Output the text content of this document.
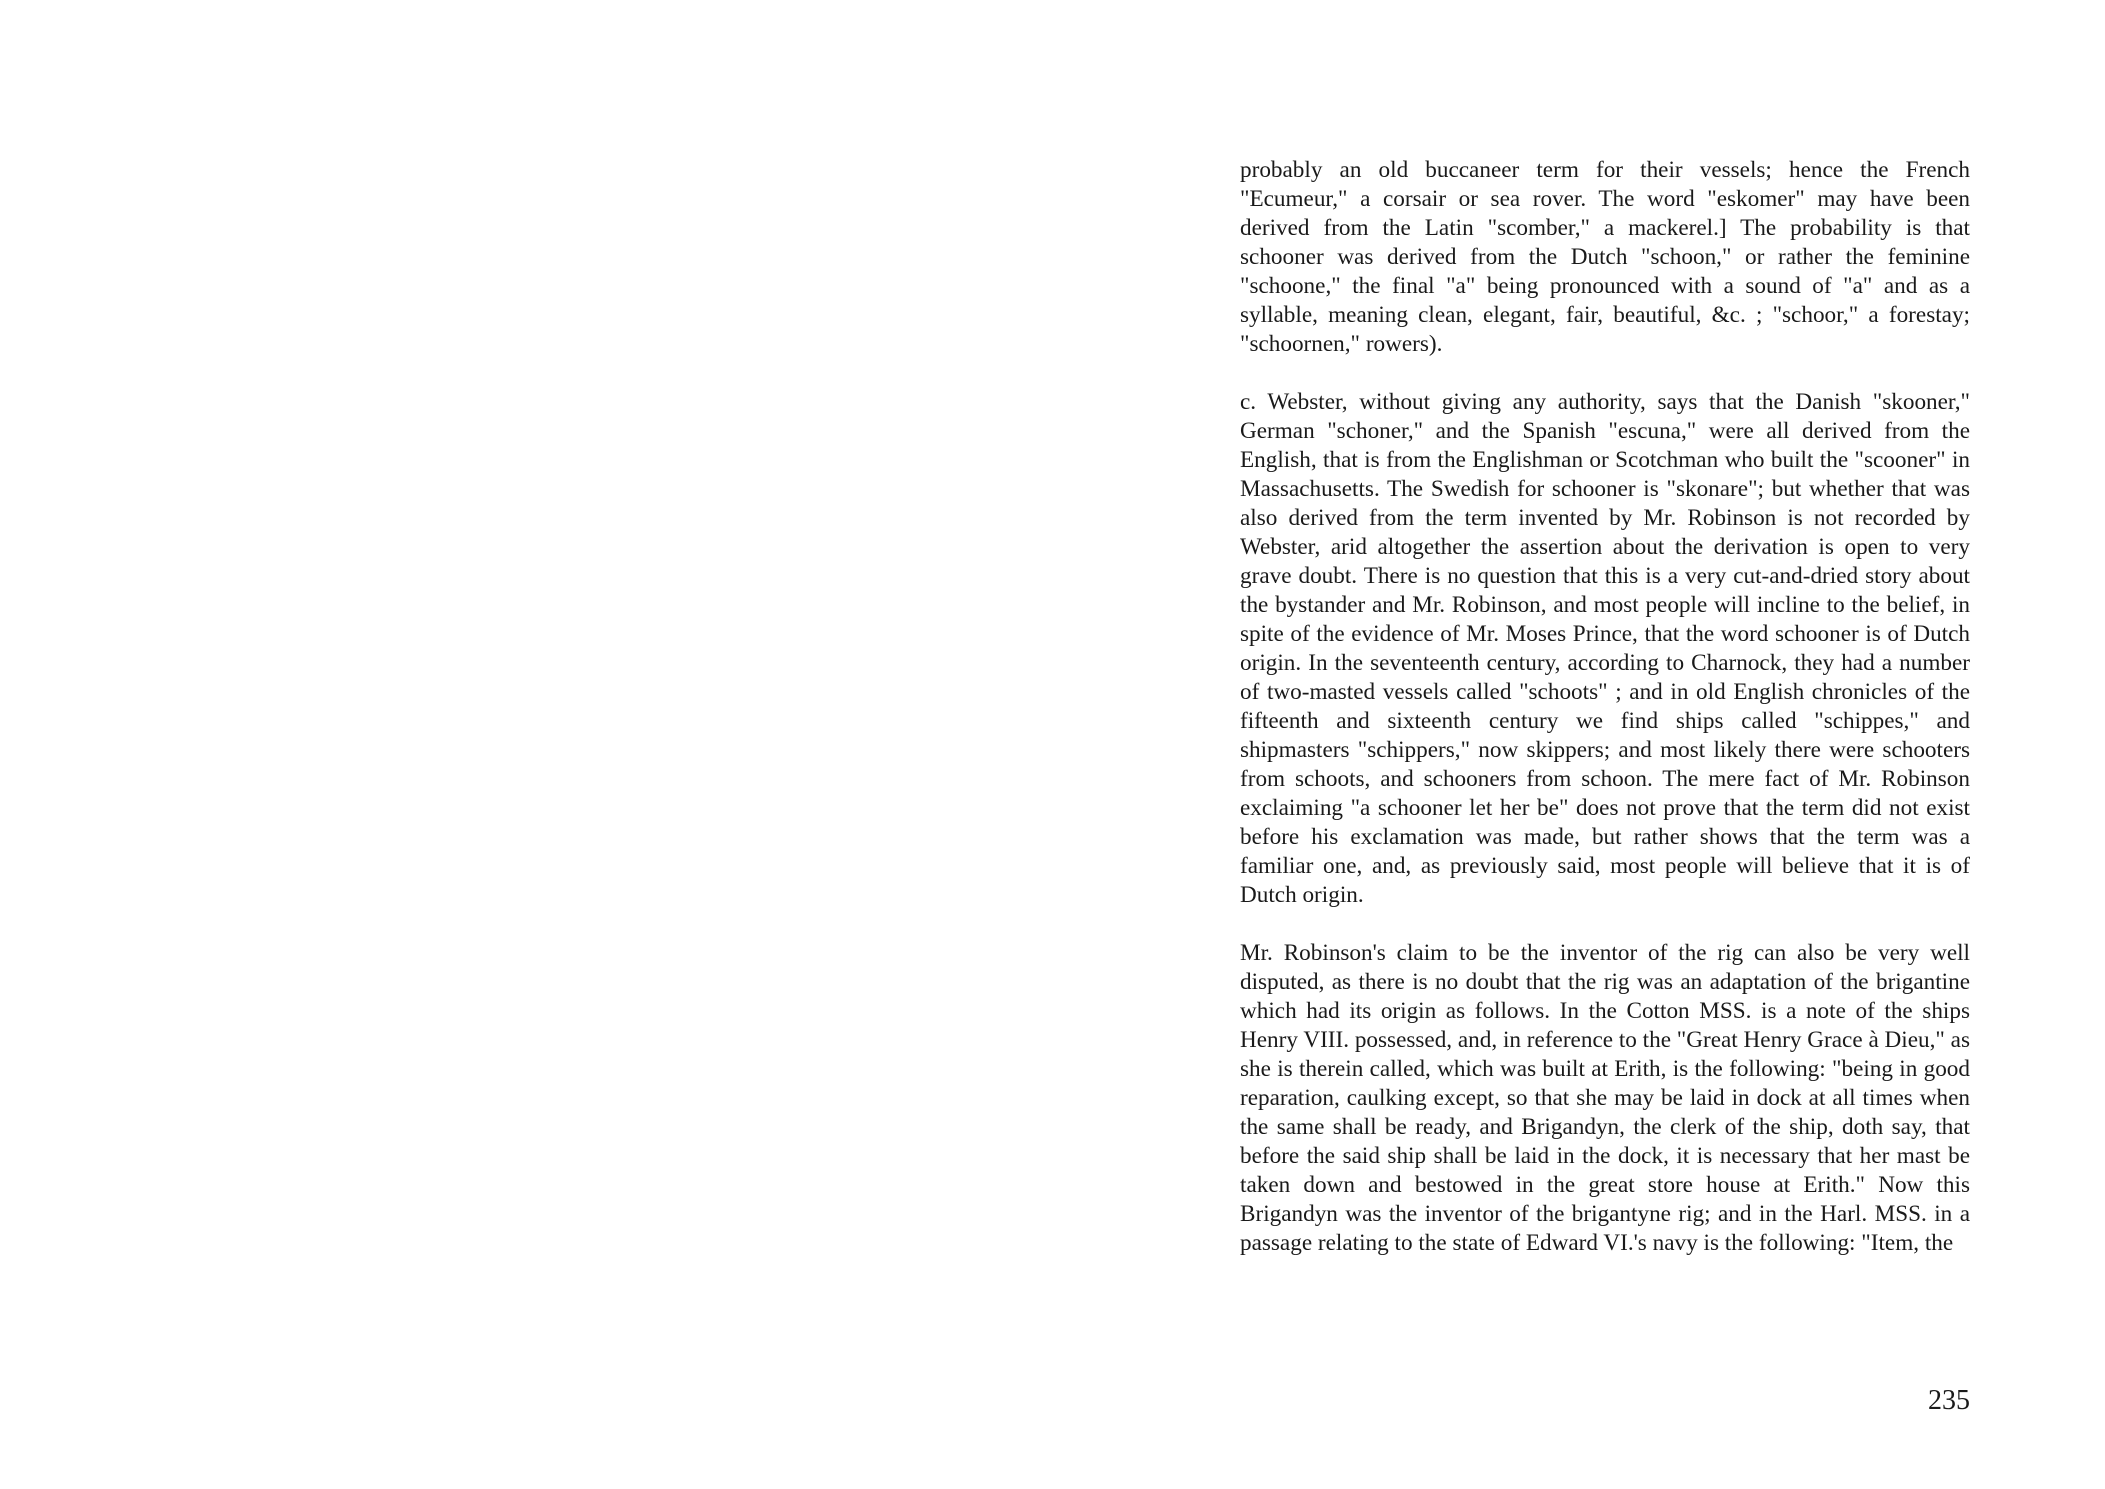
probably an old buccaneer term for their vessels; hence the French "Ecumeur," a corsair or sea rover. The word "eskomer" may have been derived from the Latin "scomber," a mackerel.] The probability is that schooner was derived from the Dutch "schoon," or rather the feminine "schoone," the final "a" being pronounced with a sound of "a" and as a syllable, meaning clean, elegant, fair, beautiful, &c. ; "schoor," a forestay; "schoornen," rowers).

c. Webster, without giving any authority, says that the Danish "skooner," German "schoner," and the Spanish "escuna," were all derived from the English, that is from the Englishman or Scotchman who built the "scooner" in Massachusetts. The Swedish for schooner is "skonare"; but whether that was also derived from the term invented by Mr. Robinson is not recorded by Webster, arid altogether the assertion about the derivation is open to very grave doubt. There is no question that this is a very cut-and-dried story about the bystander and Mr. Robinson, and most people will incline to the belief, in spite of the evidence of Mr. Moses Prince, that the word schooner is of Dutch origin. In the seventeenth century, according to Charnock, they had a number of two-masted vessels called "schoots" ; and in old English chronicles of the fifteenth and sixteenth century we find ships called "schippes," and shipmasters "schippers," now skippers; and most likely there were schooters from schoots, and schooners from schoon. The mere fact of Mr. Robinson exclaiming "a schooner let her be" does not prove that the term did not exist before his exclamation was made, but rather shows that the term was a familiar one, and, as previously said, most people will believe that it is of Dutch origin.

Mr. Robinson's claim to be the inventor of the rig can also be very well disputed, as there is no doubt that the rig was an adaptation of the brigantine which had its origin as follows. In the Cotton MSS. is a note of the ships Henry VIII. possessed, and, in reference to the "Great Henry Grace à Dieu," as she is therein called, which was built at Erith, is the following: "being in good reparation, caulking except, so that she may be laid in dock at all times when the same shall be ready, and Brigandyn, the clerk of the ship, doth say, that before the said ship shall be laid in the dock, it is necessary that her mast be taken down and bestowed in the great store house at Erith." Now this Brigandyn was the inventor of the brigantyne rig; and in the Harl. MSS. in a passage relating to the state of Edward VI.'s navy is the following: "Item, the

235
